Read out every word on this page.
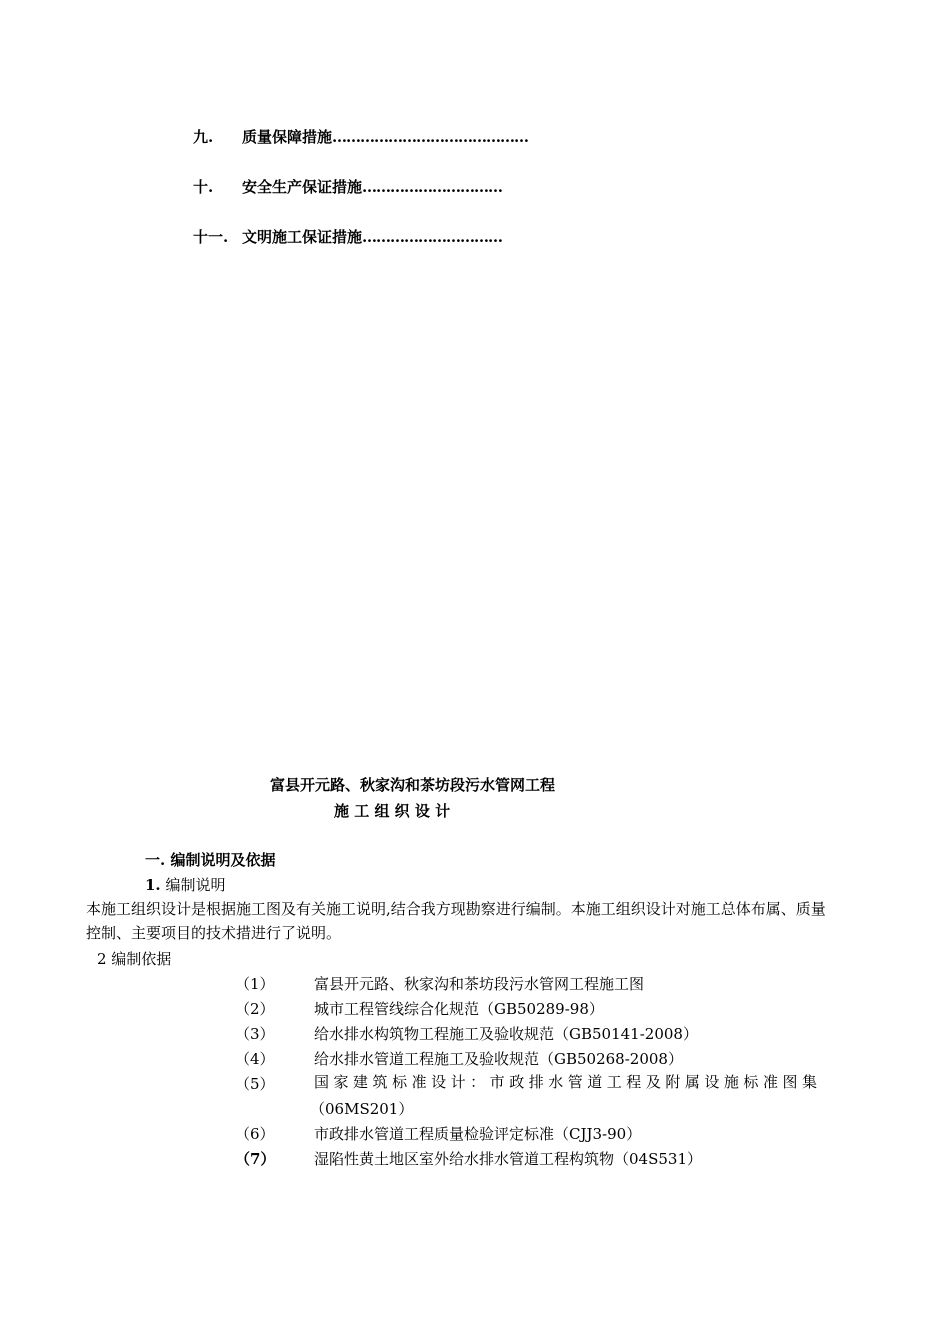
九. 质量保障措施……………………………………
十. 安全生产保证措施…………………………
十一. 文明施工保证措施…………………………
富县开元路、秋家沟和茶坊段污水管网工程
施 工 组 织 设 计
一. 编制说明及依据
1. 编制说明
本施工组织设计是根据施工图及有关施工说明,结合我方现勘察进行编制。本施工组织设计对施工总体布属、质量控制、主要项目的技术措进行了说明。
2 编制依据
（1）	富县开元路、秋家沟和茶坊段污水管网工程施工图
（2）	城市工程管线综合化规范（GB50289-98）
（3）	给水排水构筑物工程施工及验收规范（GB50141-2008）
（4）	给水排水管道工程施工及验收规范（GB50268-2008）
（5）	国家建筑标准设计：市政排水管道工程及附属设施标准图集
（06MS201）
（6）	市政排水管道工程质量检验评定标准（CJJ3-90）
（7）	湿陷性黄土地区室外给水排水管道工程构筑物（04S531）
